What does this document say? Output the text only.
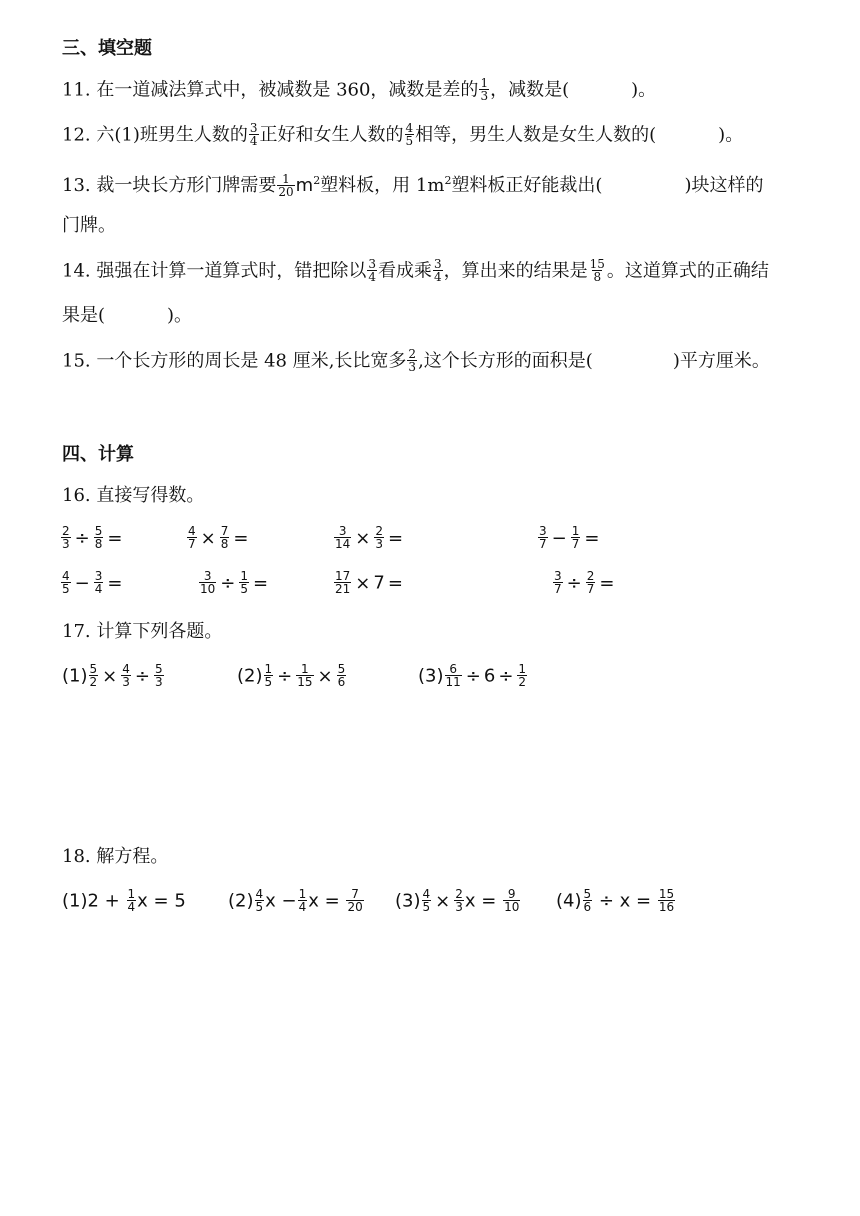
三、填空题
11. 在一道减法算式中，被减数是 360，减数是差的 $\frac{1}{3}$ ，减数是(	)。
12. 六(1)班男生人数的 $\frac{3}{4}$ 正好和女生人数的 $\frac{4}{5}$ 相等，男生人数是女生人数的(	)。
13. 裁一块长方形门牌需要 $\frac{1}{20} m^2$塑料板，用 $1m^2$塑料板正好能裁出(	)块这样的
门牌。
14. 强强在计算一道算式时，错把除以 $\frac{3}{4}$ 看成乘 $\frac{3}{4}$ ，算出来的结果是 $\frac{15}{8}$ 。这道算式的正确结
果是(	)。
15. 一个长方形的周长是 48 厘米,长比宽多 $\frac{2}{3}$ ,这个长方形的面积是(	)平方厘米。
四、计算
16. 直接写得数。
$\frac{2}{3} \div \frac{5}{8}$ =	$\frac{4}{7} \times \frac{7}{8}$ =	$\frac{3}{14} \times \frac{2}{3}$ =	$\frac{3}{7} - \frac{1}{7}$ =
$\frac{4}{5} - \frac{3}{4}$ =	$\frac{3}{10} \div \frac{1}{5}$ =	$\frac{17}{21} \times 7$ =	$\frac{3}{7} \div \frac{2}{7}$ =
17. 计算下列各题。
$(1) \frac{5}{2} \times \frac{4}{3} \div \frac{5}{3}$	$(2) \frac{1}{5} \div \frac{1}{15} \times \frac{5}{6}$	$(3) \frac{6}{11} \div 6 \div \frac{1}{2}$
18. 解方程。
$(1)2 + \frac{1}{4}$ x = 5 $(2) \frac{4}{5}$ $x - \frac{1}{4}$ $x = \frac{7}{20} (3) \frac{4}{5} \times \frac{2}{3}$ $x = \frac{9}{10} (4) \frac{5}{6} \div x = \frac{15}{16}$
